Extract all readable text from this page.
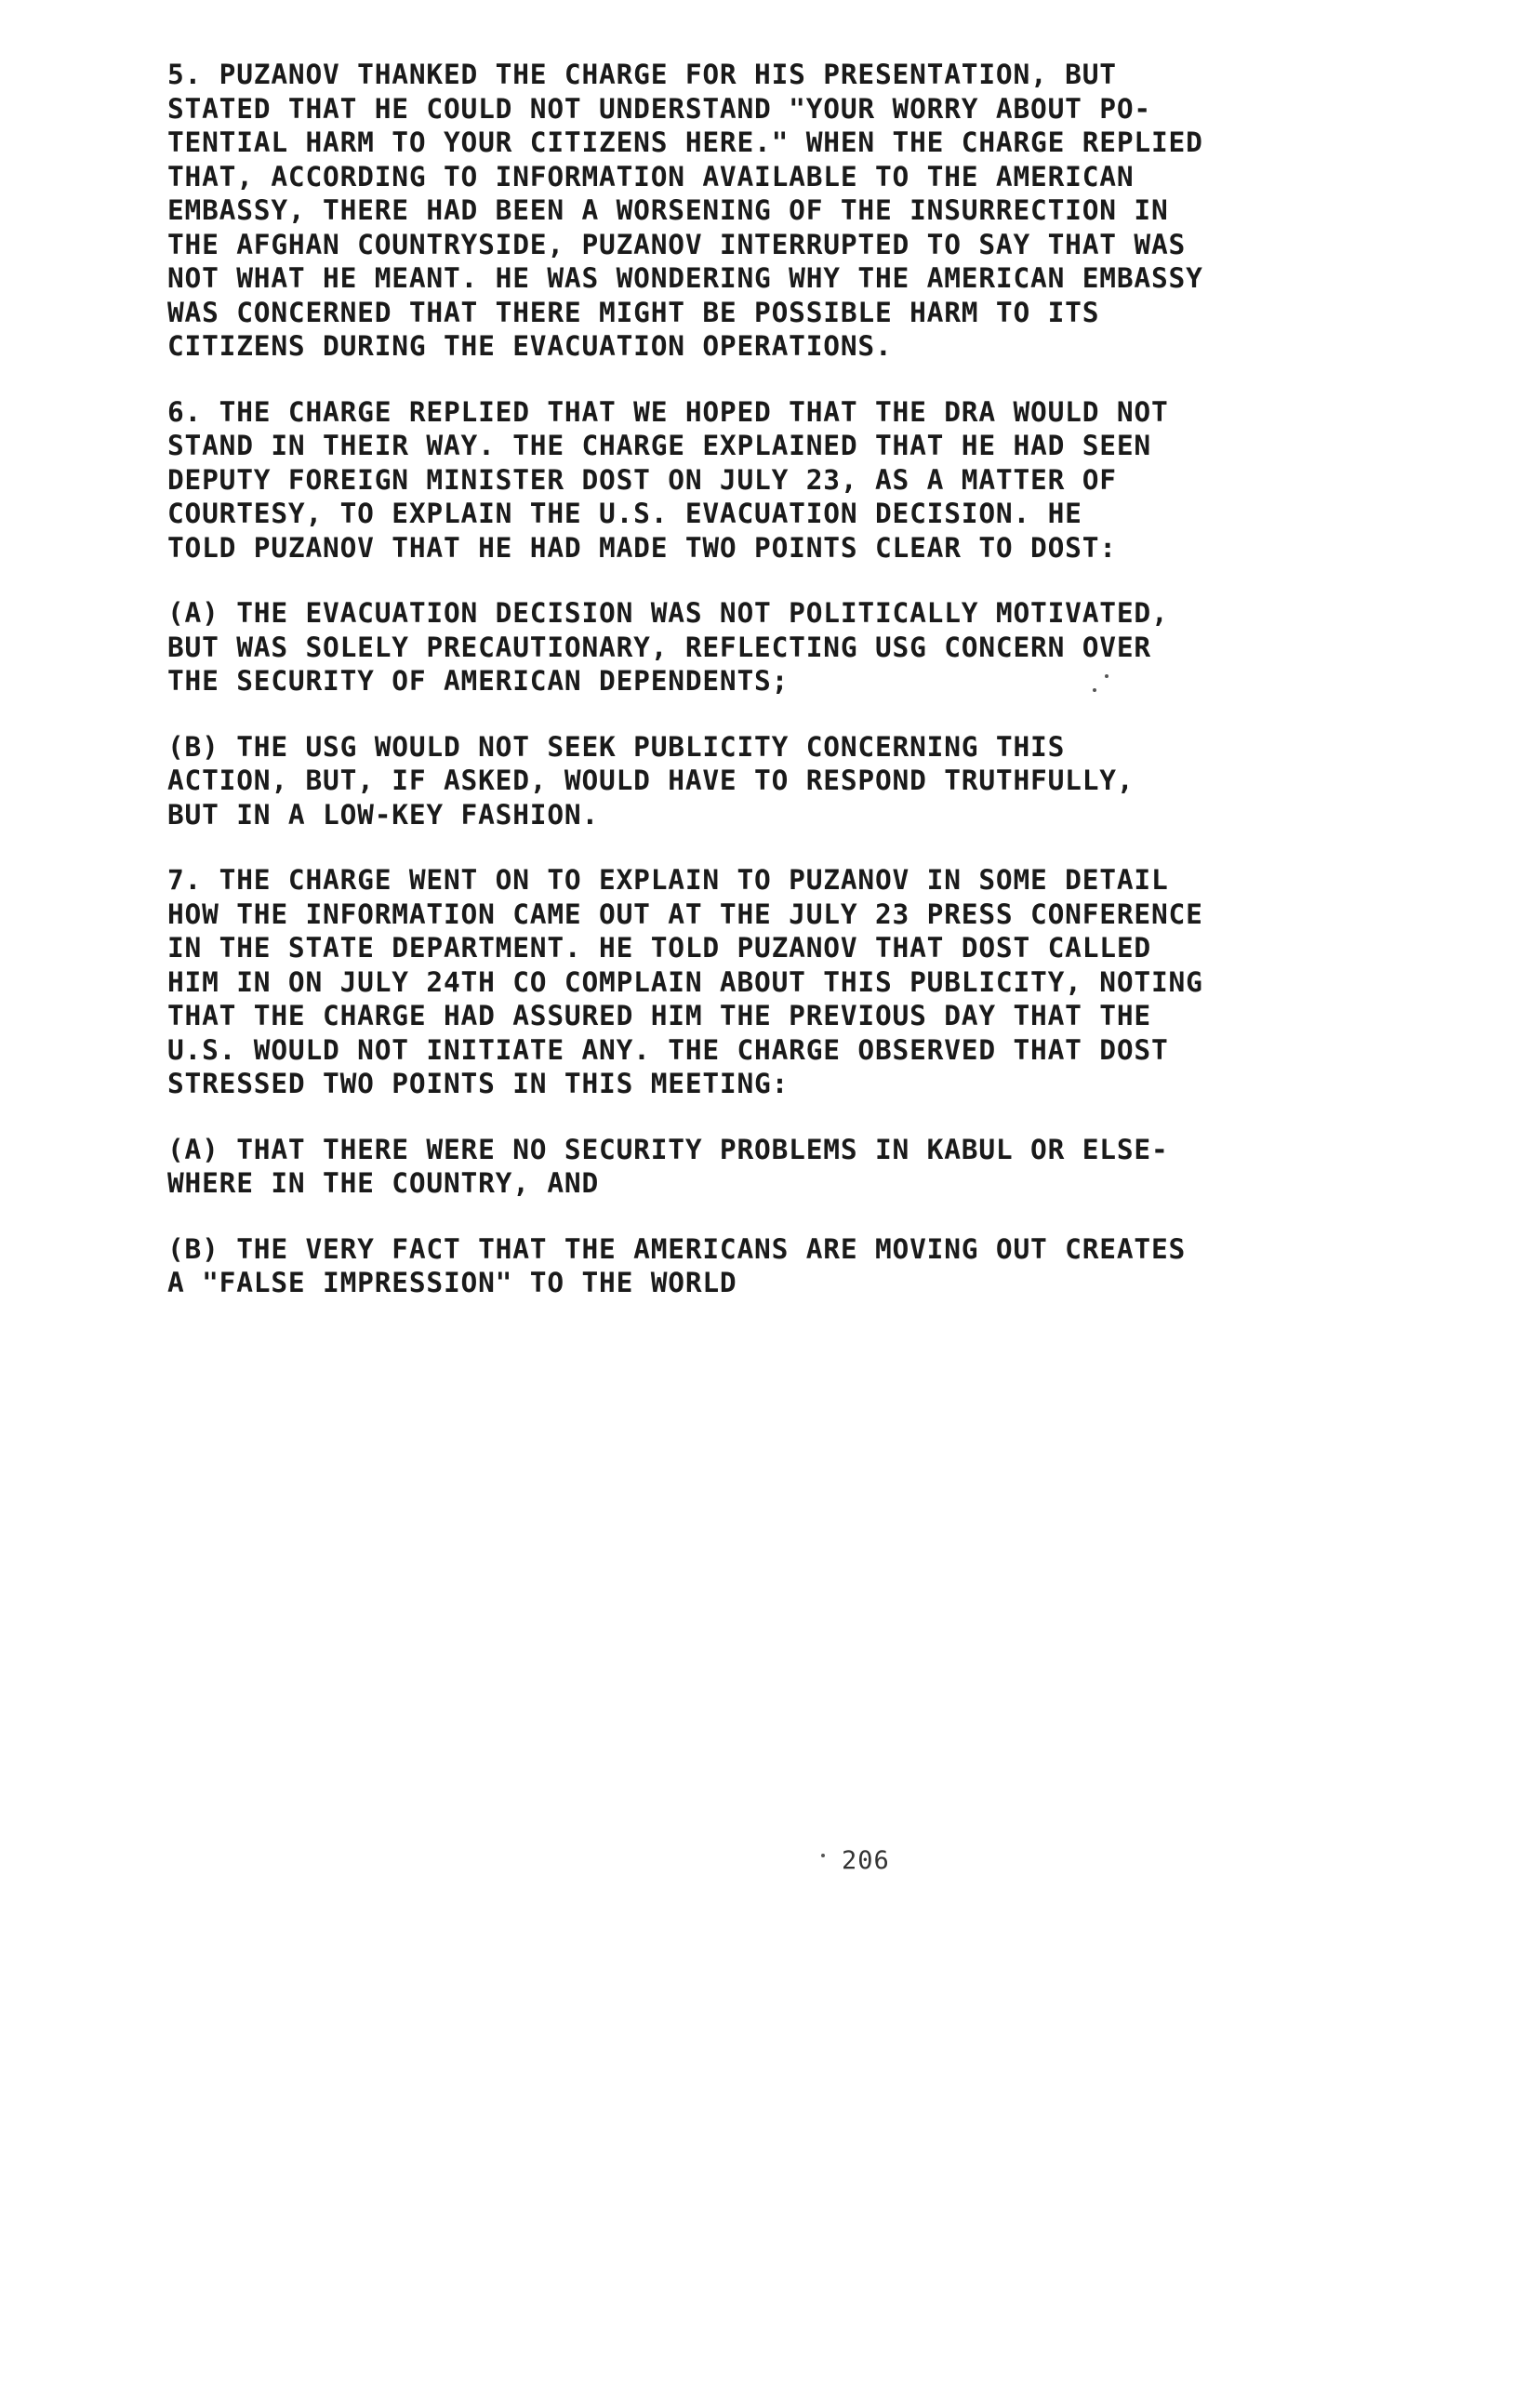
5. PUZANOV THANKED THE CHARGE FOR HIS PRESENTATION, BUT
STATED THAT HE COULD NOT UNDERSTAND "YOUR WORRY ABOUT PO-
TENTIAL HARM TO YOUR CITIZENS HERE." WHEN THE CHARGE REPLIED
THAT, ACCORDING TO INFORMATION AVAILABLE TO THE AMERICAN
EMBASSY, THERE HAD BEEN A WORSENING OF THE INSURRECTION IN
THE AFGHAN COUNTRYSIDE, PUZANOV INTERRUPTED TO SAY THAT WAS
NOT WHAT HE MEANT. HE WAS WONDERING WHY THE AMERICAN EMBASSY
WAS CONCERNED THAT THERE MIGHT BE POSSIBLE HARM TO ITS
CITIZENS DURING THE EVACUATION OPERATIONS.
6. THE CHARGE REPLIED THAT WE HOPED THAT THE DRA WOULD NOT
STAND IN THEIR WAY. THE CHARGE EXPLAINED THAT HE HAD SEEN
DEPUTY FOREIGN MINISTER DOST ON JULY 23, AS A MATTER OF
COURTESY, TO EXPLAIN THE U.S. EVACUATION DECISION. HE
TOLD PUZANOV THAT HE HAD MADE TWO POINTS CLEAR TO DOST:
(A) THE EVACUATION DECISION WAS NOT POLITICALLY MOTIVATED,
BUT WAS SOLELY PRECAUTIONARY, REFLECTING USG CONCERN OVER
THE SECURITY OF AMERICAN DEPENDENTS;
(B) THE USG WOULD NOT SEEK PUBLICITY CONCERNING THIS
ACTION, BUT, IF ASKED, WOULD HAVE TO RESPOND TRUTHFULLY,
BUT IN A LOW-KEY FASHION.
7. THE CHARGE WENT ON TO EXPLAIN TO PUZANOV IN SOME DETAIL
HOW THE INFORMATION CAME OUT AT THE JULY 23 PRESS CONFERENCE
IN THE STATE DEPARTMENT. HE TOLD PUZANOV THAT DOST CALLED
HIM IN ON JULY 24TH CO COMPLAIN ABOUT THIS PUBLICITY, NOTING
THAT THE CHARGE HAD ASSURED HIM THE PREVIOUS DAY THAT THE
U.S. WOULD NOT INITIATE ANY. THE CHARGE OBSERVED THAT DOST
STRESSED TWO POINTS IN THIS MEETING:
(A) THAT THERE WERE NO SECURITY PROBLEMS IN KABUL OR ELSE-
WHERE IN THE COUNTRY, AND
(B) THE VERY FACT THAT THE AMERICANS ARE MOVING OUT CREATES
A "FALSE IMPRESSION" TO THE WORLD
206
